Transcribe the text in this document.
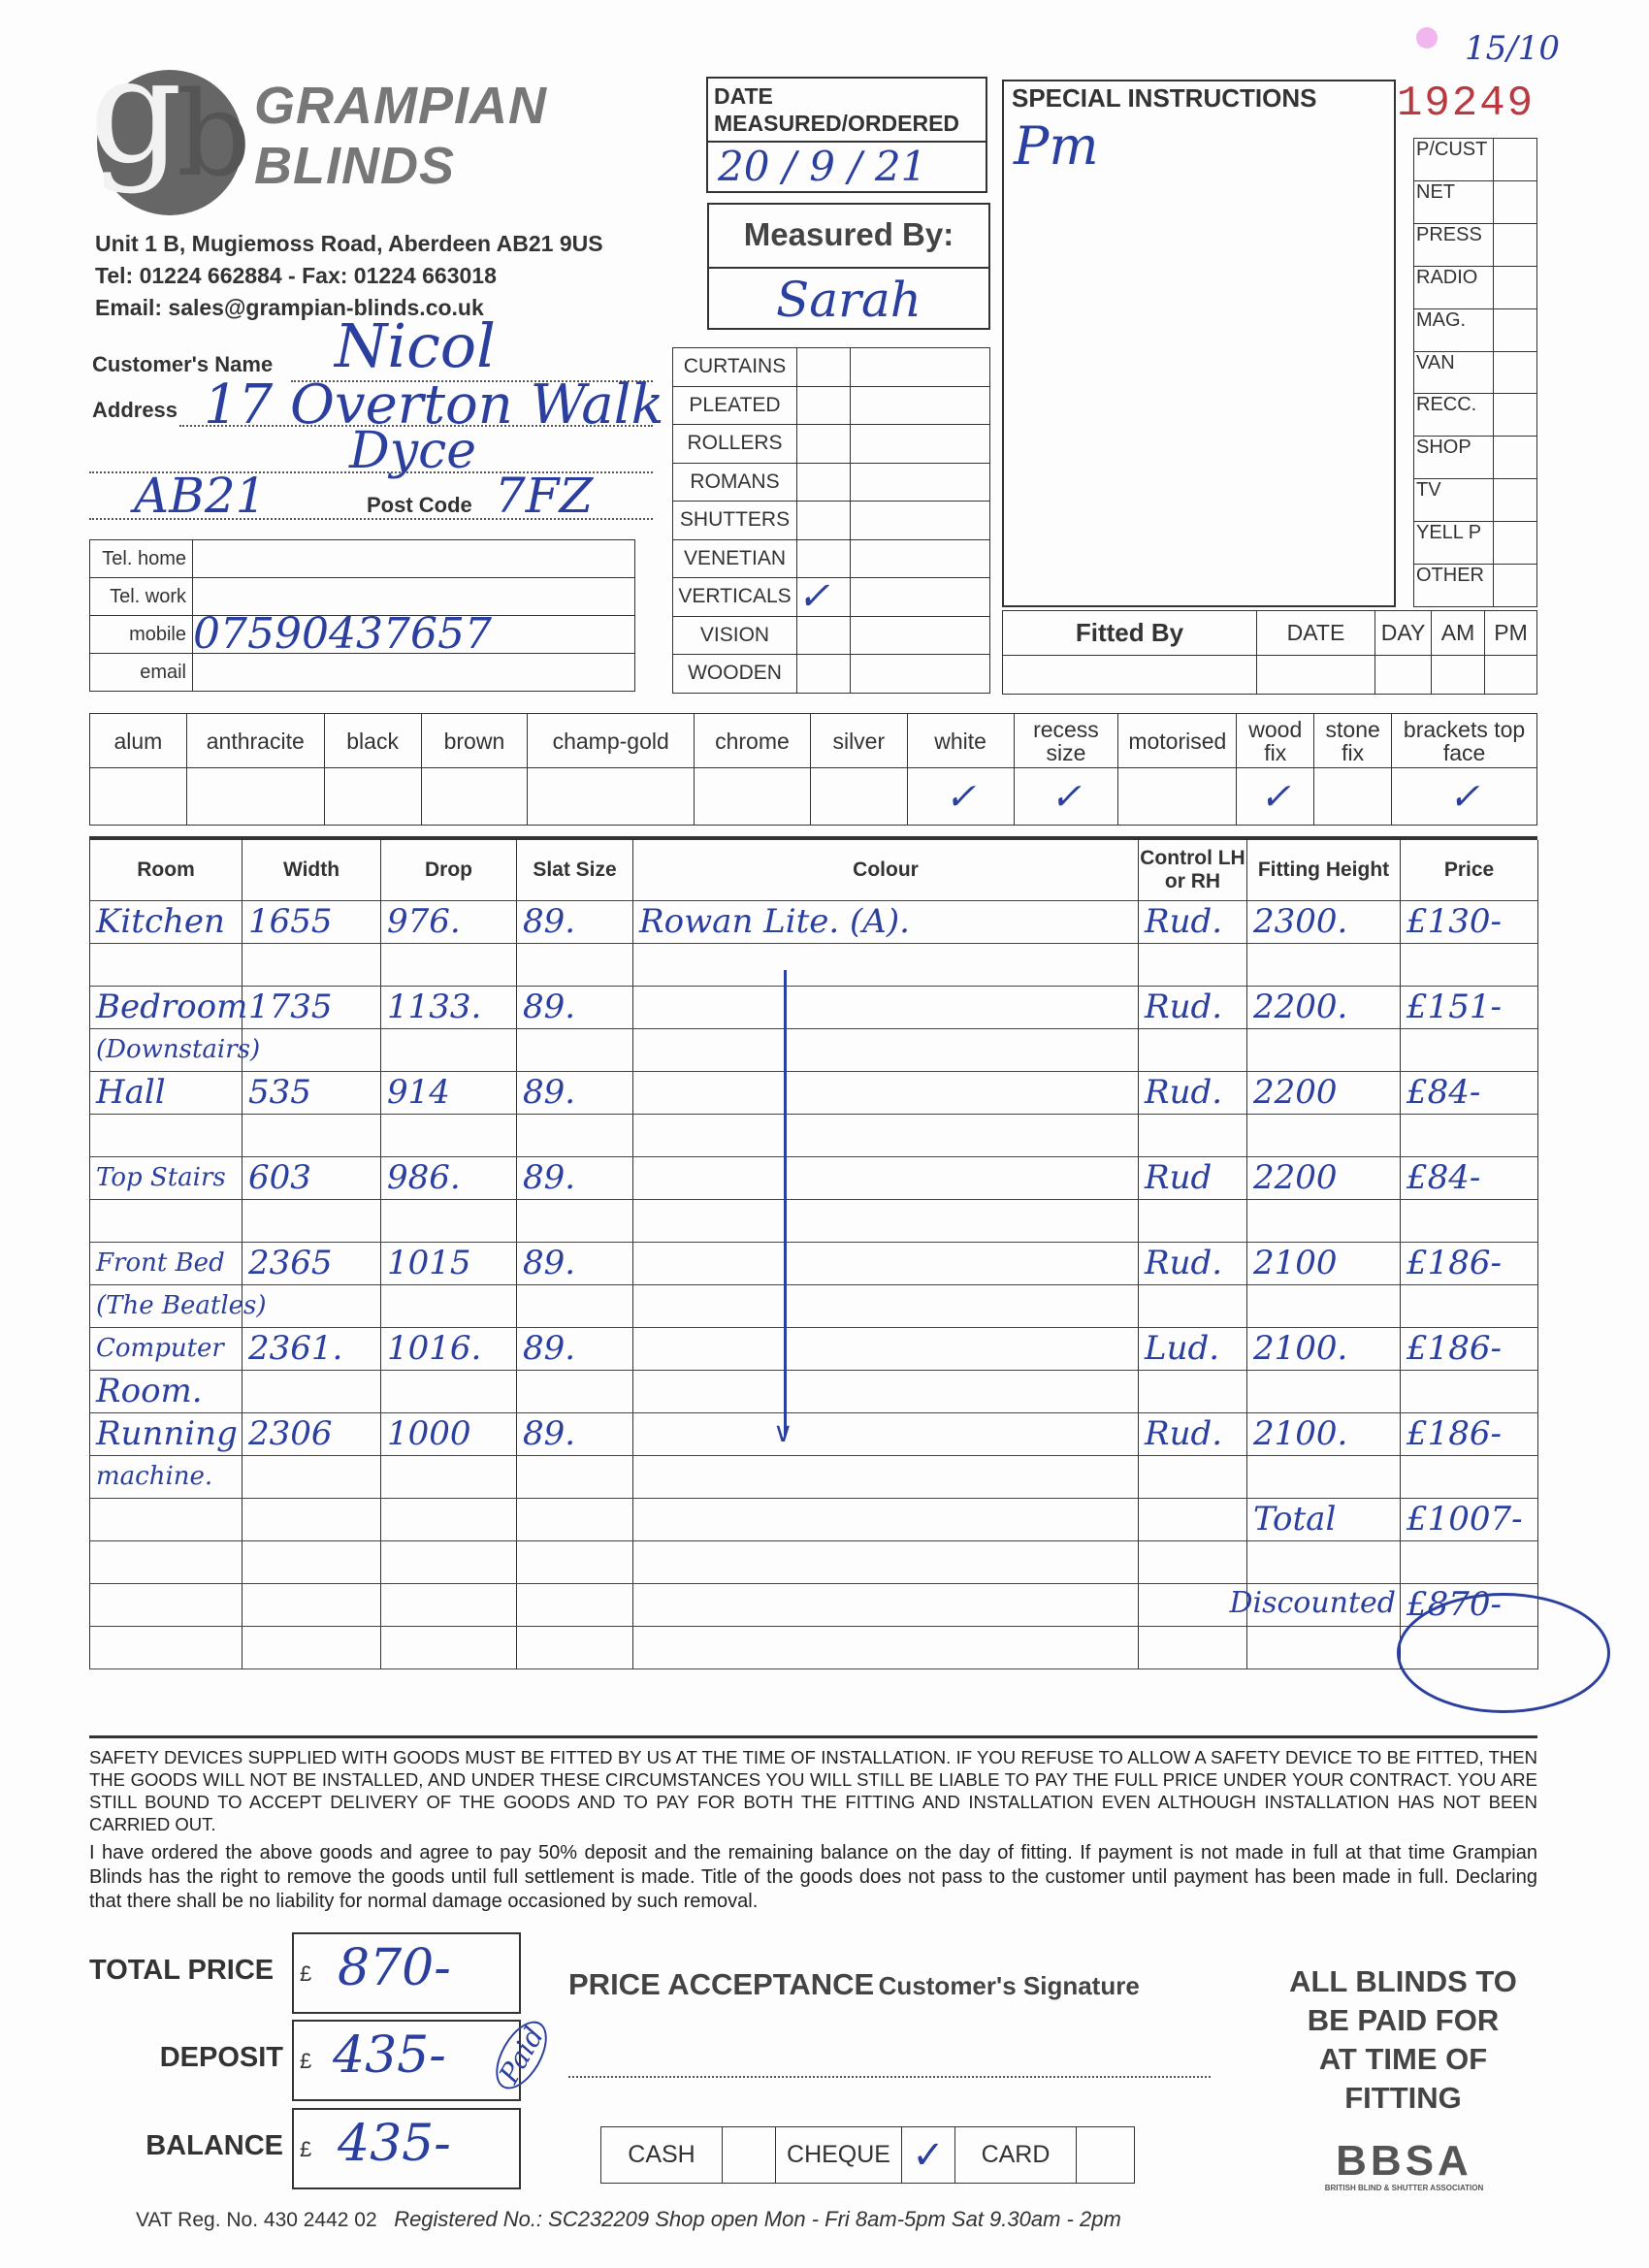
g
b GRAMPIAN
BLINDS
Unit 1 B, Mugiemoss Road, Aberdeen AB21 9US
Tel: 01224 662884 - Fax: 01224 663018
Email: sales@grampian-blinds.co.uk
19249
15/10
DATE
MEASURED/ORDERED
20 / 9 / 21
Measured By:
Sarah
SPECIAL INSTRUCTIONS
Pm	P/CUST	
NET	
PRESS	
RADIO	
MAG.	
VAN	
RECC.	
SHOP	
TV	
YELL P	
OTHER	
Customer's Name Nicol
Address 17 Overton Walk
Dyce
AB21	Post Code 7FZ
Tel. home	
Tel. work	
mobile	07590437657
email	
CURTAINS		
PLEATED		
ROLLERS		
ROMANS		
SHUTTERS		
VENETIAN		
VERTICALS	✓	
VISION		
WOODEN		
Fitted By	DATE	DAY	AM	PM

alum	anthracite	black	brown	champ-gold	chrome	silver	white	recess size	motorised	wood fix	stone fix	brackets top   face
							✓	✓		✓		✓
Room	Width	Drop	Slat Size	Colour	Control LH or RH	Fitting Height	Price
Kitchen	1655	976.	89.	Rowan Lite. (A).	Rud.	2300.	£130-

Bedroom	1735	1133.	89.		Rud.	2200.	£151-
(Downstairs)							
Hall	535	914	89.		Rud.	2200	£84-

Top Stairs	603	986.	89.		Rud	2200	£84-

Front Bed	2365	1015	89.		Rud.	2100	£186-
(The Beatles)							
Computer	2361.	1016.	89.		Lud.	2100.	£186-
Room.							
Running	2306	1000	89.		Rud.	2100.	£186-
machine.							
						Total	£1007-

						Discounted	£870-

∨
SAFETY DEVICES SUPPLIED WITH GOODS MUST BE FITTED BY US AT THE TIME OF INSTALLATION. IF YOU REFUSE TO ALLOW A SAFETY DEVICE TO BE FITTED, THEN THE GOODS WILL NOT BE INSTALLED, AND UNDER THESE CIRCUMSTANCES YOU WILL STILL BE LIABLE TO PAY THE FULL PRICE UNDER YOUR CONTRACT. YOU ARE STILL BOUND TO ACCEPT DELIVERY OF THE GOODS AND TO PAY FOR BOTH THE FITTING AND INSTALLATION EVEN ALTHOUGH INSTALLATION HAS NOT BEEN CARRIED OUT.
I have ordered the above goods and agree to pay 50% deposit and the remaining balance on the day of fitting. If payment is not made in full at that time Grampian Blinds has the right to remove the goods until full settlement is made. Title of the goods does not pass to the customer until payment has been made in full. Declaring that there shall be no liability for normal damage occasioned by such removal.
TOTAL PRICE
DEPOSIT
BALANCE
£ 870-
£ 435- Paid
£ 435-
PRICE ACCEPTANCE Customer's Signature
CASH		CHEQUE	✓	CARD	
ALL BLINDS TO
BE PAID FOR
AT TIME OF
FITTING
BBSA
BRITISH BLIND & SHUTTER ASSOCIATION
VAT Reg. No. 430 2442 02 Registered No.: SC232209 Shop open Mon - Fri 8am-5pm Sat 9.30am - 2pm
